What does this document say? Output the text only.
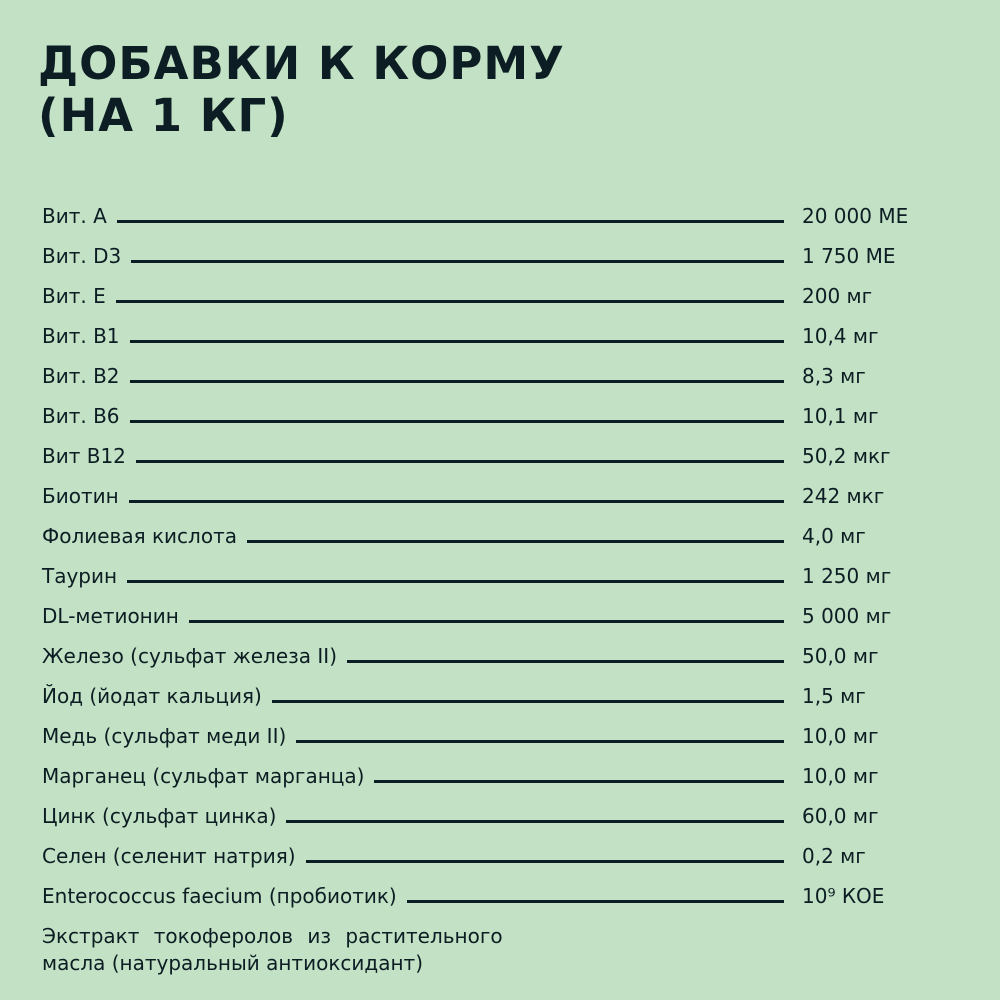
ДОБАВКИ К КОРМУ
(НА 1 КГ)
Вит. А	20 000 МЕ
Вит. D3	1 750 МЕ
Вит. Е	200 мг
Вит. В1	10,4 мг
Вит. В2	8,3 мг
Вит. В6	10,1 мг
Вит В12	50,2 мкг
Биотин	242 мкг
Фолиевая кислота	4,0 мг
Таурин	1 250 мг
DL-метионин	5 000 мг
Железо (сульфат железа II)	50,0 мг
Йод (йодат кальция)	1,5 мг
Медь (сульфат меди II)	10,0 мг
Марганец (сульфат марганца)	10,0 мг
Цинк (сульфат цинка)	60,0 мг
Селен (селенит натрия)	0,2 мг
Enterococcus faecium (пробиотик)	10⁹ КОЕ
Экстракт токоферолов из растительного
масла (натуральный антиоксидант)
